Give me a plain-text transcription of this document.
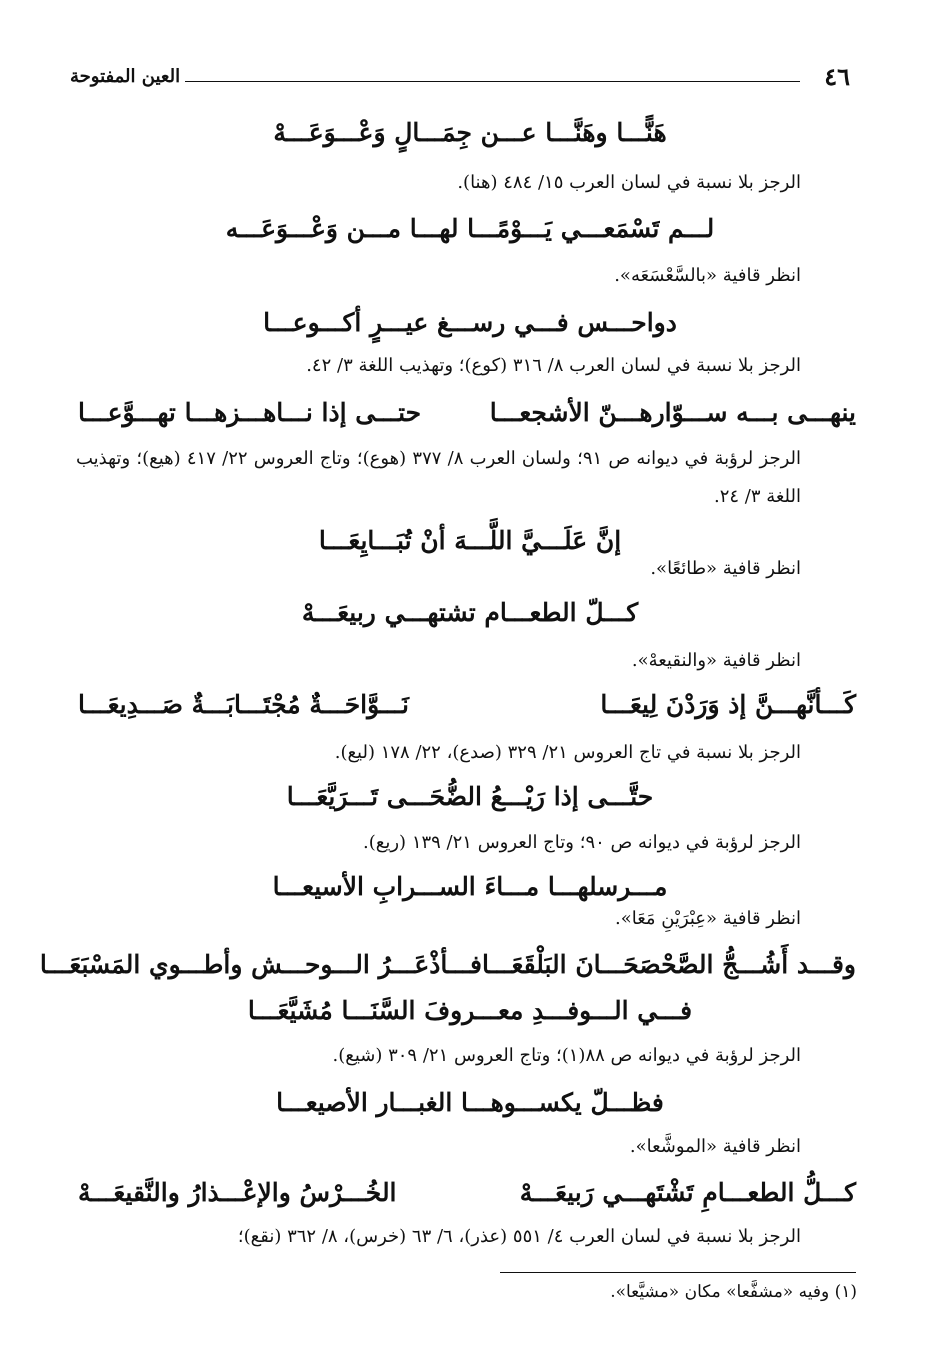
٤٦
العين المفتوحة
هَنًّـــا وهَنَّـــا عـــن جِمَـــالٍ وَعْـــوَعَـــهْ
الرجز بلا نسبة في لسان العرب ١٥/ ٤٨٤ (هنا).
لـــم تَسْمَعـــي يَـــوْمًـــا لهـــا مـــن وَعْـــوَعَـــه
انظر قافية «بالسَّعْسَعَه».
دواحـــس فـــي رســـغ عيـــرٍ أكـــوعـــا
الرجز بلا نسبة في لسان العرب ٨/ ٣١٦ (كوع)؛ وتهذيب اللغة ٣/ ٤٢.
ينهـــى بـــه ســـوّارهـــنّ الأشجعـــا
حتـــى إذا نـــاهـــزهـــا تهـــوَّعـــا
الرجز لرؤبة في ديوانه ص ٩١؛ ولسان العرب ٨/ ٣٧٧ (هوع)؛ وتاج العروس ٢٢/ ٤١٧ (هيع)؛ وتهذيب اللغة ٣/ ٢٤.
إنَّ عَلَـــيَّ اللَّـــهَ أنْ تُبَـــايِعَـــا
انظر قافية «طائعًا».
كـــلّ الطعـــام تشتهـــي ربيعَـــهْ
انظر قافية «والنقيعهْ».
كَـــأنَّهـــنَّ إذ وَرَدْنَ لِيعَـــا
نَـــوَّاحَـــةٌ مُجْتَـــابَـــةٌ صَـــدِيعَـــا
الرجز بلا نسبة في تاج العروس ٢١/ ٣٢٩ (صدع)، ٢٢/ ١٧٨ (ليع).
حتَّـــى إذا رَيْـــعُ الضُّحَـــى تَـــرَيَّعَـــا
الرجز لرؤبة في ديوانه ص ٩٠؛ وتاج العروس ٢١/ ١٣٩ (ريع).
مـــرسلهـــا مـــاءَ الســـرابِ الأسيعـــا
انظر قافية «عِبْرَيْنِ مَعَا».
وقـــد أَشُـــجُّ الصَّحْصَحَـــانَ البَلْقَعَـــا
فـــأذْعَـــرُ الـــوحـــش وأطـــوي المَسْبَعَـــا
فـــي الـــوفـــدِ معـــروفَ السَّنَـــا مُشَيَّعَـــا
الرجز لرؤبة في ديوانه ص ٨٨(١)؛ وتاج العروس ٢١/ ٣٠٩ (شيع).
فظـــلّ يكســـوهـــا الغبـــار الأصيعـــا
انظر قافية «الموشَّعا».
كـــلُّ الطعـــامِ تَشْتَهـــي رَبيعَـــهْ
الخُـــرْسُ والإعْـــذارُ والنَّقيعَـــهْ
الرجز بلا نسبة في لسان العرب ٤/ ٥٥١ (عذر)، ٦/ ٦٣ (خرس)، ٨/ ٣٦٢ (نقع)؛
(١) وفيه «مشفَّعا» مكان «مشيَّعا».
